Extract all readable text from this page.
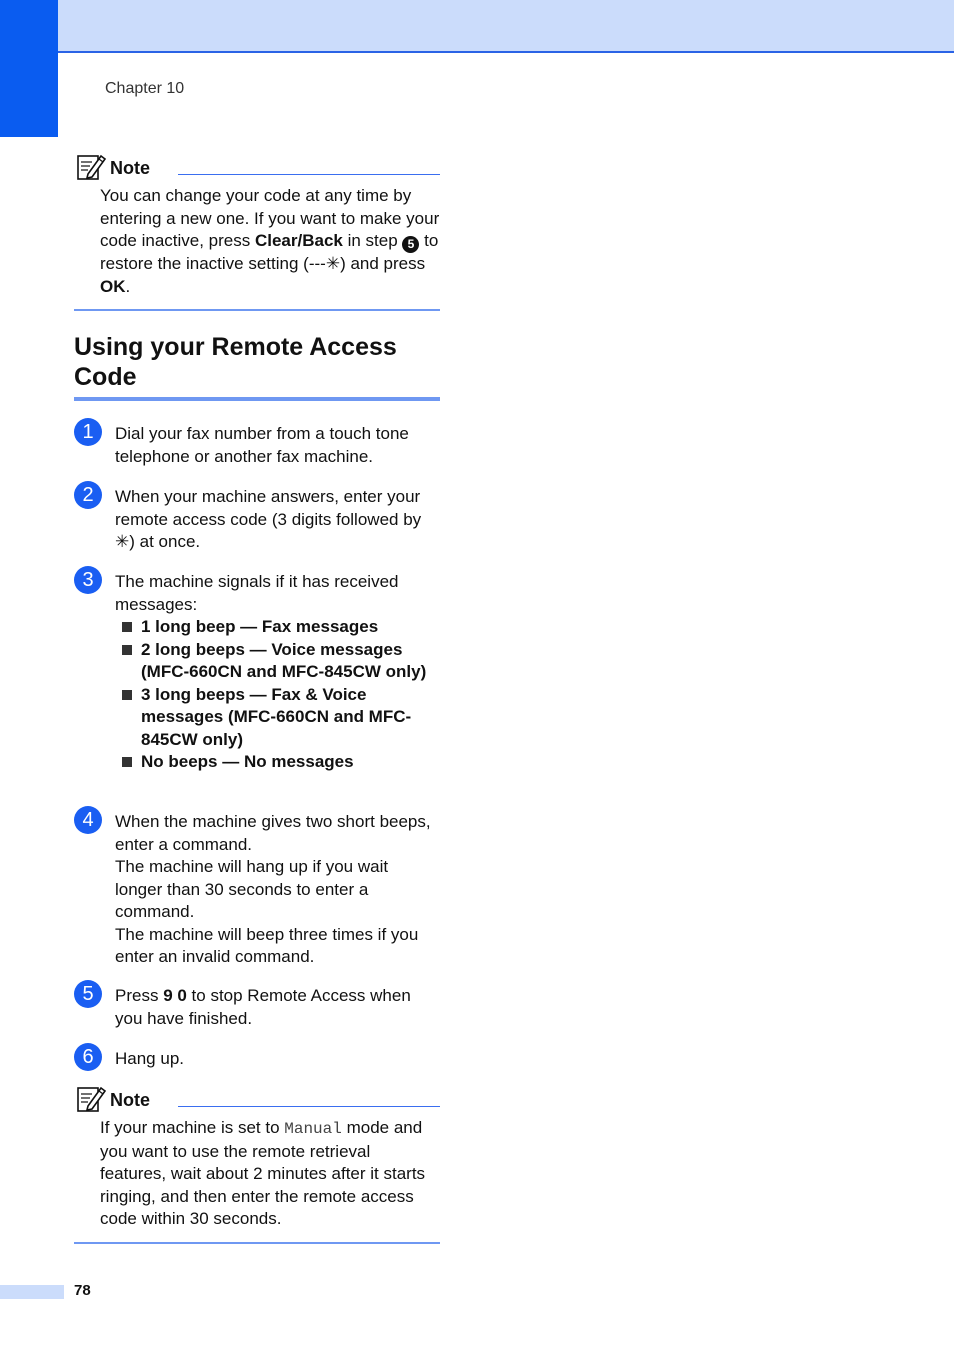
Chapter 10
Note
You can change your code at any time by entering a new one. If you want to make your code inactive, press Clear/Back in step 5 to restore the inactive setting (---✳) and press OK.
Using your Remote Access Code
1	Dial your fax number from a touch tone telephone or another fax machine.
2	When your machine answers, enter your remote access code (3 digits followed by ✳) at once.
3	The machine signals if it has received messages:
1 long beep — Fax messages
2 long beeps — Voice messages (MFC-660CN and MFC-845CW only)
3 long beeps — Fax & Voice messages (MFC-660CN and MFC-845CW only)
No beeps — No messages
4	When the machine gives two short beeps, enter a command.
The machine will hang up if you wait longer than 30 seconds to enter a command.
The machine will beep three times if you enter an invalid command.
5	Press 9 0 to stop Remote Access when you have finished.
6	Hang up.
Note
If your machine is set to Manual mode and you want to use the remote retrieval features, wait about 2 minutes after it starts ringing, and then enter the remote access code within 30 seconds.
78
